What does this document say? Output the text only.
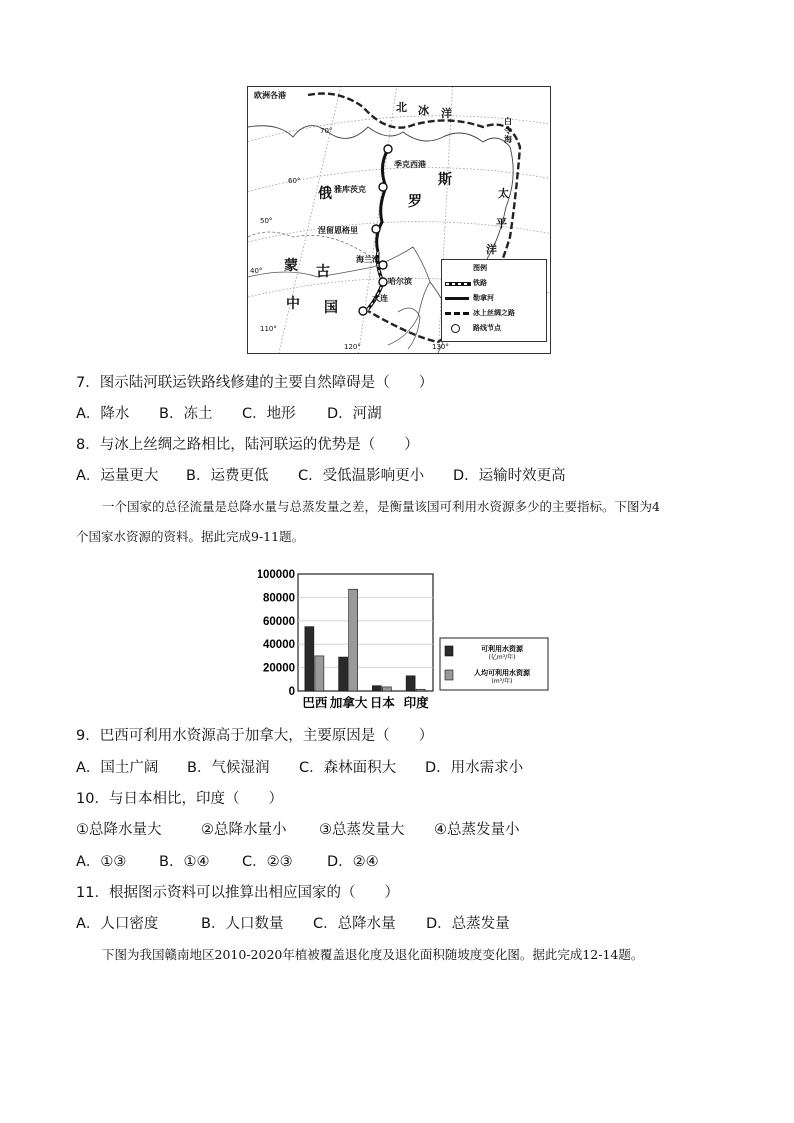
欧洲各港
北 冰 洋
白令海
70°
60°
50°
40°
110°
120°	130°
季克西港
雅库茨克
涅留恩格里
海兰泡
哈尔滨
大连
俄	罗
斯
太
平
洋
蒙 古
中 国
图例
铁路
勒拿河
冰上丝绸之路
路线节点
7．图示陆河联运铁路线修建的主要自然障碍是（　　）
A．降水 B．冻土 C．地形 D．河湖
8．与冰上丝绸之路相比，陆河联运的优势是（　　）
A．运量更大 B．运费更低 C．受低温影响更小 D．运输时效更高
一个国家的总径流量是总降水量与总蒸发量之差，是衡量该国可利用水资源多少的主要指标。下图为4
个国家水资源的资料。据此完成9-11题。
100000
80000
60000
40000
20000
0
巴西 加拿大 日本 印度
可利用水资源
(亿m³/年)
人均可利用水资源
(m³/年)
9．巴西可利用水资源高于加拿大，主要原因是（　　）
A．国土广阔 B．气候湿润 C．森林面积大 D．用水需求小
10．与日本相比，印度（　　）
①总降水量大	②总降水量小 ③总蒸发量大 ④总蒸发量小
A．①③ B．①④ C．②③ D．②④
11．根据图示资料可以推算出相应国家的（　　）
A．人口密度	B．人口数量 C．总降水量 D．总蒸发量
下图为我国赣南地区2010-2020年植被覆盖退化度及退化面积随坡度变化图。据此完成12-14题。
